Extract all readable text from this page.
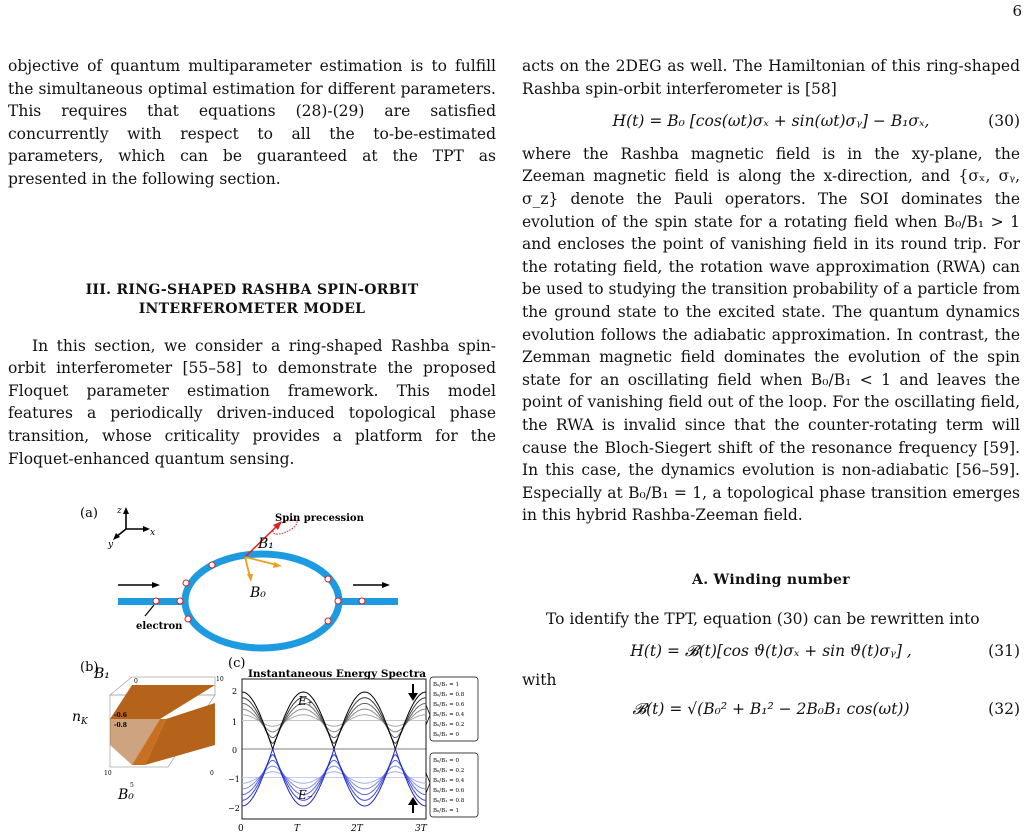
6

objective of quantum multiparameter estimation is to fulfill the simultaneous optimal estimation for different parameters. This requires that equations (28)-(29) are satisfied concurrently with respect to all the to-be-estimated parameters, which can be guaranteed at the TPT as presented in the following section.

III. RING-SHAPED RASHBA SPIN-ORBIT
INTERFEROMETER MODEL

In this section, we consider a ring-shaped Rashba spin-orbit interferometer [55–58] to demonstrate the proposed Floquet parameter estimation framework. This model features a periodically driven-induced topological phase transition, whose criticality provides a platform for the Floquet-enhanced quantum sensing.

(a) z
x
y
electron
Spin precession
B₁
B₀
(b)
B₁	0	10
$n_K$
-0.6
-0.8
10
5
0
B₀
(c)
Instantaneous Energy Spectra
2
1
0
−1
−2
0	T	2T	3T
E₊
E₋
B₀/B₁ = 1
B₀/B₁ = 0.8
B₀/B₁ = 0.6
B₀/B₁ = 0.4
B₀/B₁ = 0.2
B₀/B₁ = 0
B₀/B₁ = 0
B₀/B₁ = 0.2
B₀/B₁ = 0.4
B₀/B₁ = 0.6
B₀/B₁ = 0.8
B₀/B₁ = 1

acts on the 2DEG as well. The Hamiltonian of this ring-shaped Rashba spin-orbit interferometer is [58]

H(t) = B₀ [cos(ωt)σₓ + sin(ωt)σᵧ] − B₁σₓ,	(30)

where the Rashba magnetic field is in the xy-plane, the Zeeman magnetic field is along the x-direction, and {σₓ, σᵧ, σ_z} denote the Pauli operators. The SOI dominates the evolution of the spin state for a rotating field when B₀/B₁ > 1 and encloses the point of vanishing field in its round trip. For the rotating field, the rotation wave approximation (RWA) can be used to studying the transition probability of a particle from the ground state to the excited state. The quantum dynamics evolution follows the adiabatic approximation. In contrast, the Zemman magnetic field dominates the evolution of the spin state for an oscillating field when B₀/B₁ < 1 and leaves the point of vanishing field out of the loop. For the oscillating field, the RWA is invalid since that the counter-rotating term will cause the Bloch-Siegert shift of the resonance frequency [59]. In this case, the dynamics evolution is non-adiabatic [56–59]. Especially at B₀/B₁ = 1, a topological phase transition emerges in this hybrid Rashba-Zeeman field.

A. Winding number

To identify the TPT, equation (30) can be rewritten into

H(t) = 𝓑(t)[cos ϑ(t)σₓ + sin ϑ(t)σᵧ] ,	(31)

with

𝓑(t) = √(B₀² + B₁² − 2B₀B₁ cos(ωt))	(32)
